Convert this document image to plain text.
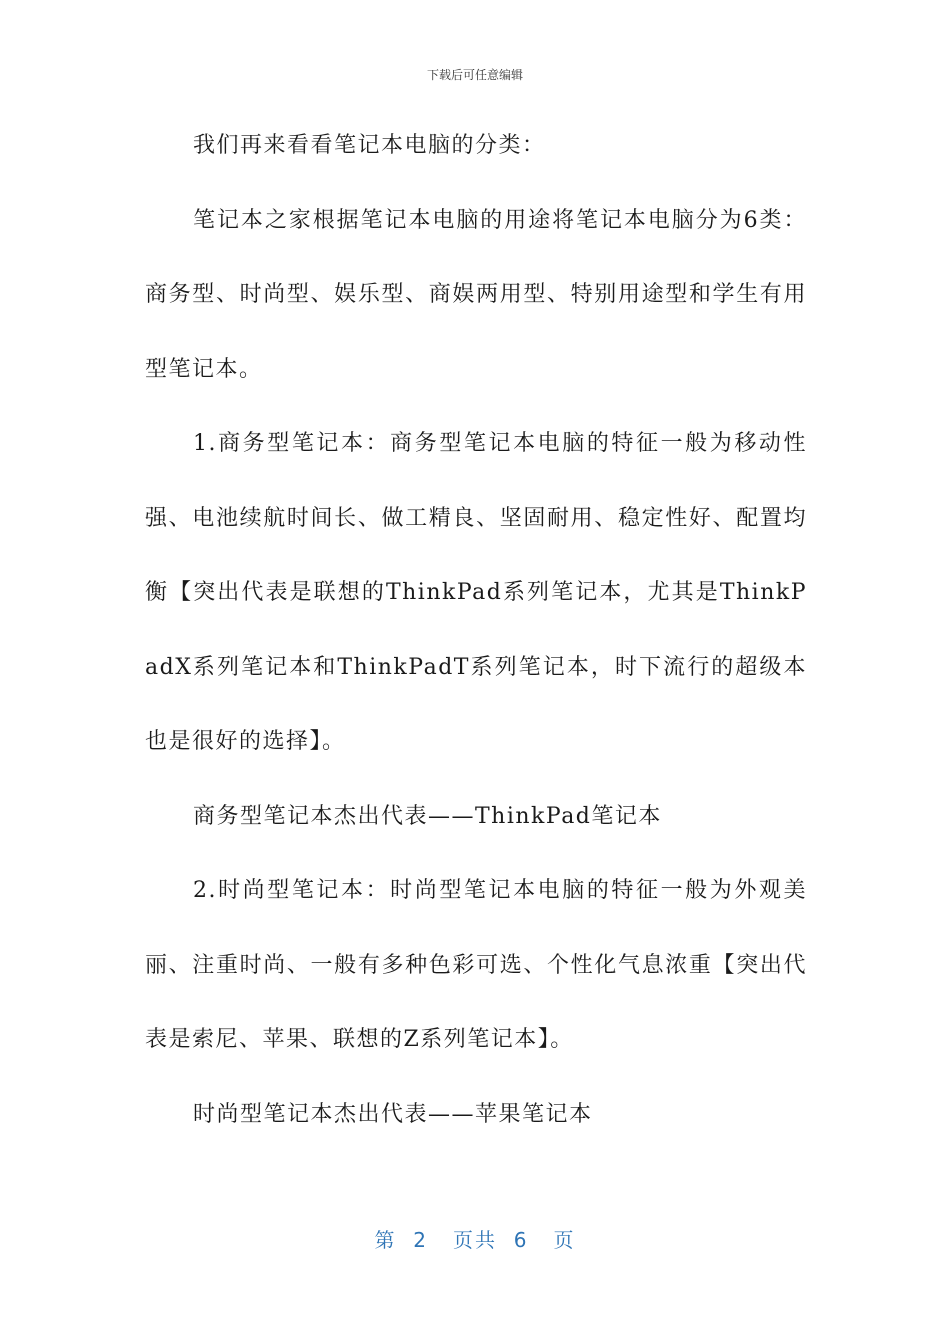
下载后可任意编辑

我们再来看看笔记本电脑的分类：

笔记本之家根据笔记本电脑的用途将笔记本电脑分为6类：商务型、时尚型、娱乐型、商娱两用型、特别用途型和学生有用型笔记本。

1.商务型笔记本：商务型笔记本电脑的特征一般为移动性强、电池续航时间长、做工精良、坚固耐用、稳定性好、配置均衡【突出代表是联想的ThinkPad系列笔记本，尤其是ThinkPadX系列笔记本和ThinkPadT系列笔记本，时下流行的超级本也是很好的选择】。

商务型笔记本杰出代表——ThinkPad笔记本

2.时尚型笔记本：时尚型笔记本电脑的特征一般为外观美丽、注重时尚、一般有多种色彩可选、个性化气息浓重【突出代表是索尼、苹果、联想的Z系列笔记本】。

时尚型笔记本杰出代表——苹果笔记本

第 2 页共 6 页
